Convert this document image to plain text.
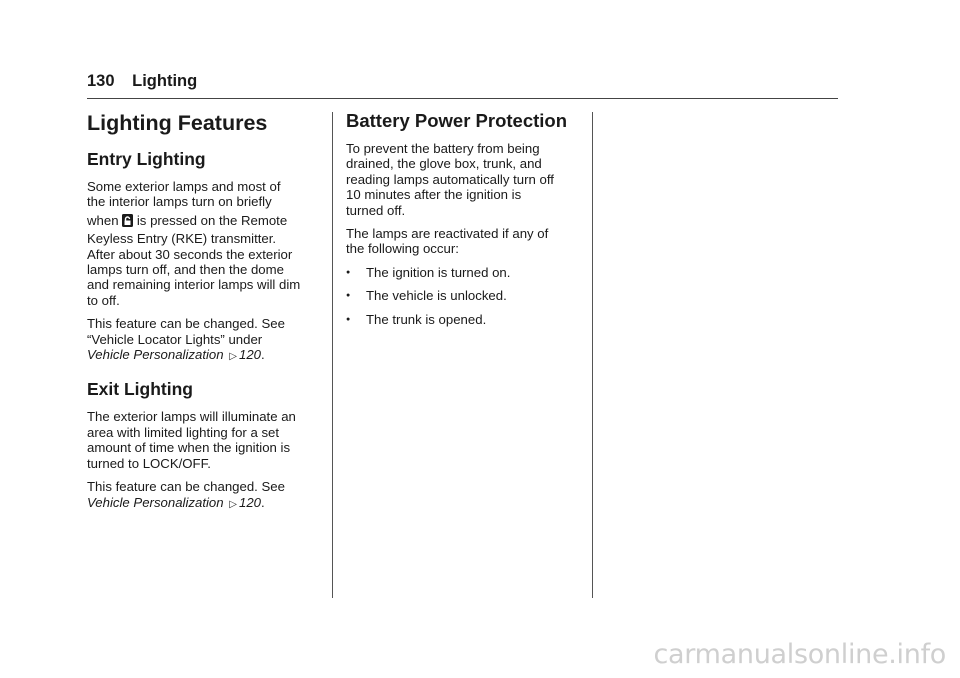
130 Lighting
Lighting Features
Entry Lighting
Some exterior lamps and most of
the interior lamps turn on briefly
when is pressed on the Remote
Keyless Entry (RKE) transmitter.
After about 30 seconds the exterior
lamps turn off, and then the dome
and remaining interior lamps will dim
to off.
This feature can be changed. See
“Vehicle Locator Lights” under
Vehicle Personalization ▷ 120.
Exit Lighting
The exterior lamps will illuminate an
area with limited lighting for a set
amount of time when the ignition is
turned to LOCK/OFF.
This feature can be changed. See
Vehicle Personalization ▷ 120.
Battery Power Protection
To prevent the battery from being
drained, the glove box, trunk, and
reading lamps automatically turn off
10 minutes after the ignition is
turned off.
The lamps are reactivated if any of
the following occur:
●	The ignition is turned on.
●	The vehicle is unlocked.
●	The trunk is opened.
carmanualsonline.info
